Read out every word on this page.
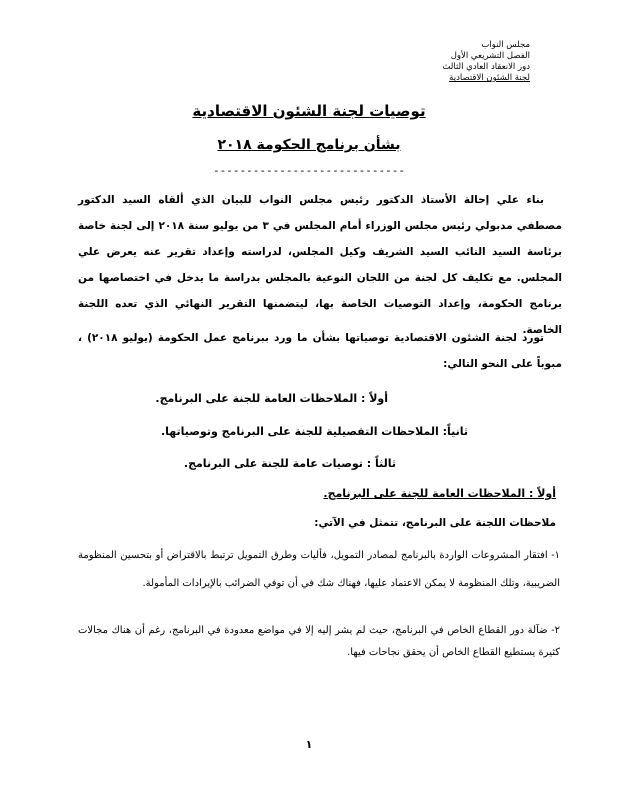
مجلس النواب
الفصل التشريعي الأول
دور الانعقاد العادي الثالث
لجنة الشئون الاقتصادية
توصيات لجنة الشئون الاقتصادية
بشأن برنامج الحكومة ٢٠١٨
-----------------------------
بناء علي إحالة الأستاذ الدكتور رئيس مجلس النواب للبيان الذي ألقاه السيد الدكتور مصطفي مدبولي رئيس مجلس الوزراء أمام المجلس في ٣ من يوليو سنة ٢٠١٨ إلى لجنة خاصة برئاسة السيد النائب السيد الشريف وكيل المجلس، لدراسته وإعداد تقرير عنه يعرض علي المجلس. مع تكليف كل لجنة من اللجان النوعية بالمجلس بدراسة ما يدخل في اختصاصها من برنامج الحكومة، وإعداد التوصيات الخاصة بها، ليتضمنها التقرير النهائي الذي تعده اللجنة الخاصة.
تورد لجنة الشئون الاقتصادية توصياتها بشأن ما ورد ببرنامج عمل الحكومة (يوليو ٢٠١٨) ، مبوباً على النحو التالي:
أولاً : الملاحظات العامة للجنة على البرنامج.
ثانياً: الملاحظات التفصيلية للجنة على البرنامج وتوصياتها.
ثالثاً : توصيات عامة للجنة على البرنامج.
أولاً : الملاحظات العامة للجنة على البرنامج.
ملاحظات اللجنة على البرنامج، تتمثل في الآتي:
١- افتقار المشروعات الواردة بالبرنامج لمصادر التمويل، فأليات وطرق التمويل ترتبط بالاقتراض أو بتحسين المنظومة الضريبية، وتلك المنظومة لا يمكن الاعتماد عليها، فهناك شك في أن توفي الضرائب بالإيرادات المأمولة.
٢- ضآلة دور القطاع الخاص في البرنامج، حيث لم يشر إليه إلا في مواضع معدودة في البرنامج، رغم أن هناك مجالات كثيرة يستطيع القطاع الخاص أن يحقق نجاحات فيها.
١
